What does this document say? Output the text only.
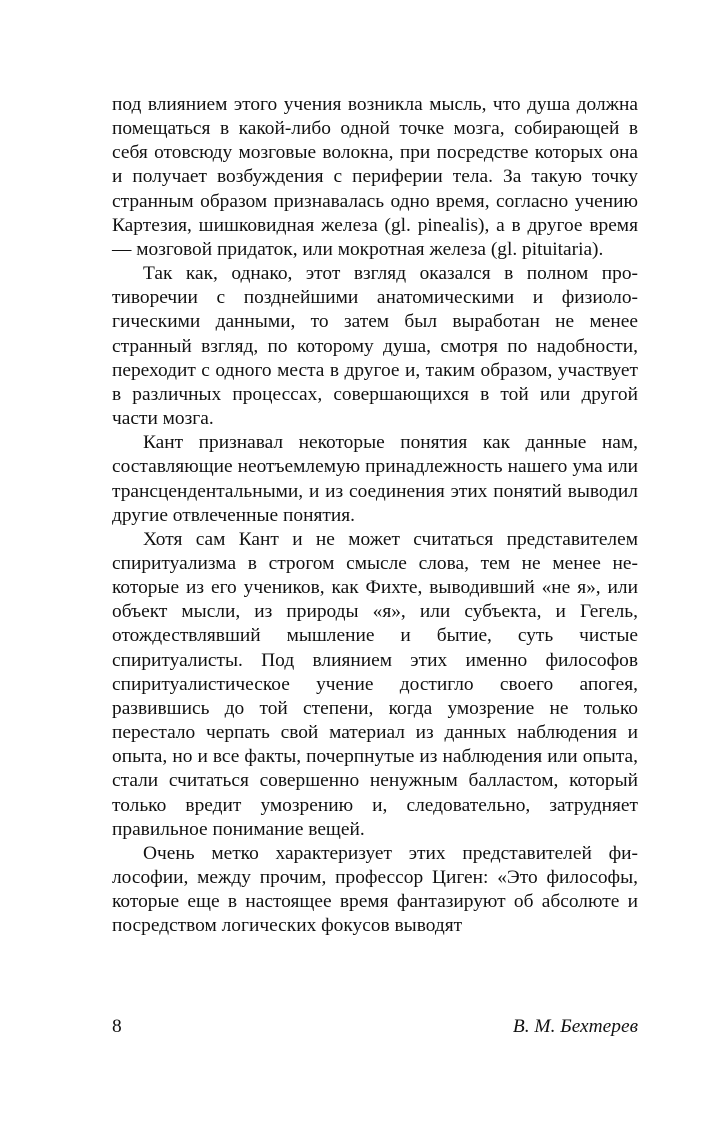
под влиянием этого учения возникла мысль, что душа должна помещаться в какой-либо одной точке мозга, собирающей в себя отовсюду мозговые волокна, при посредстве которых она и получает возбуждения с периферии тела. За такую точку странным образом признавалась одно время, согласно учению Картезия, шишковидная железа (gl. pinealis), а в другое время — мозговой придаток, или мокротная железа (gl. pituitaria).

Так как, однако, этот взгляд оказался в полном противоречии с позднейшими анатомическими и физиологическими данными, то затем был выработан не менее странный взгляд, по которому душа, смотря по надобности, переходит с одного места в другое и, таким образом, участвует в различных процессах, совершающихся в той или другой части мозга.

Кант признавал некоторые понятия как данные нам, составляющие неотъемлемую принадлежность нашего ума или трансцендентальными, и из соединения этих понятий выводил другие отвлеченные понятия.

Хотя сам Кант и не может считаться представителем спиритуализма в строгом смысле слова, тем не менее некоторые из его учеников, как Фихте, выводивший «не я», или объект мысли, из природы «я», или субъекта, и Гегель, отождествлявший мышление и бытие, суть чистые спиритуалисты. Под влиянием этих именно философов спиритуалистическое учение достигло своего апогея, развившись до той степени, когда умозрение не только перестало черпать свой материал из данных наблюдения и опыта, но и все факты, почерпнутые из наблюдения или опыта, стали считаться совершенно ненужным балластом, который только вредит умозрению и, следовательно, затрудняет правильное понимание вещей.

Очень метко характеризует этих представителей философии, между прочим, профессор Циген: «Это философы, которые еще в настоящее время фантазируют об абсолюте и посредством логических фокусов выводят

8	В. М. Бехтерев
